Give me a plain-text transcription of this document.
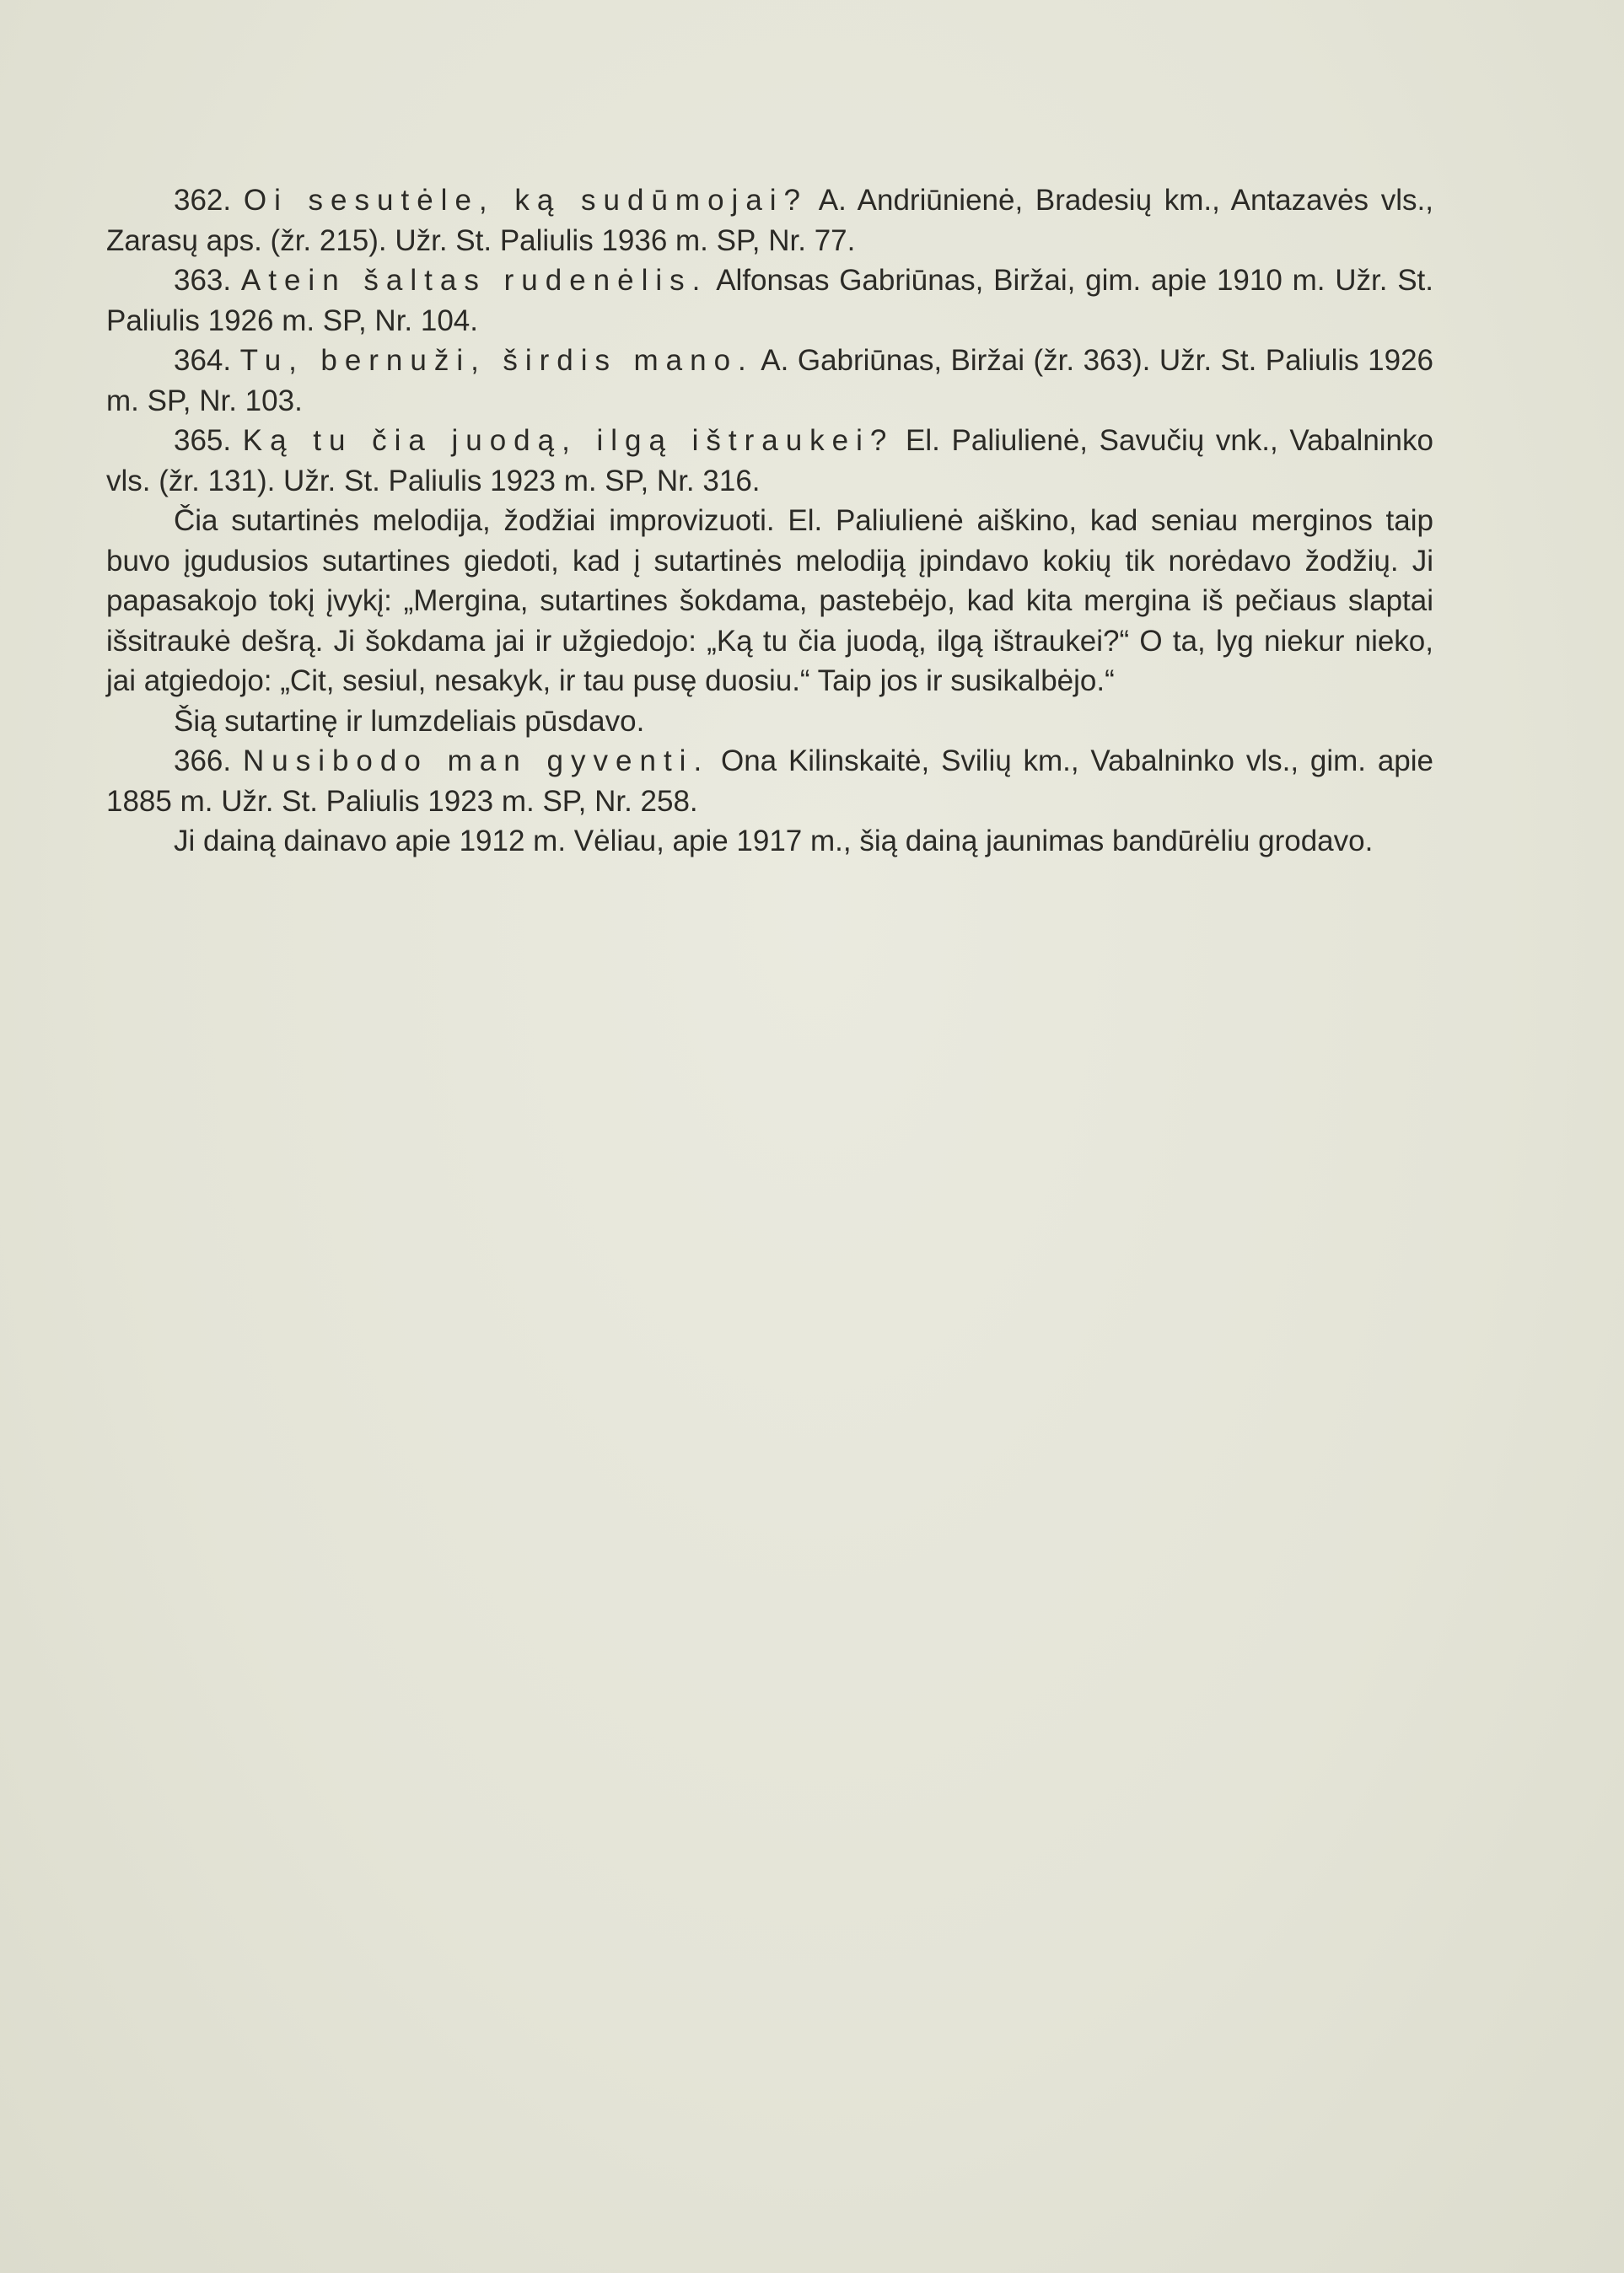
362. Oi sesutėle, ką sudūmojai? A. Andriūnienė, Bradesių km., Antazavės vls., Zarasų aps. (žr. 215). Užr. St. Paliulis 1936 m. SP, Nr. 77.

363. Atein šaltas rudenėlis. Alfonsas Gabriūnas, Biržai, gim. apie 1910 m. Užr. St. Paliulis 1926 m. SP, Nr. 104.

364. Tu, bernuži, širdis mano. A. Gabriūnas, Biržai (žr. 363). Užr. St. Paliulis 1926 m. SP, Nr. 103.

365. Ką tu čia juodą, ilgą ištraukei? El. Paliulienė, Savučių vnk., Vabalninko vls. (žr. 131). Užr. St. Paliulis 1923 m. SP, Nr. 316.

Čia sutartinės melodija, žodžiai improvizuoti. El. Paliulienė aiškino, kad seniau merginos taip buvo įgudusios sutartines giedoti, kad į sutartinės melodiją įpindavo kokių tik norėdavo žodžių. Ji papasakojo tokį įvykį: „Mergina, sutartines šokdama, pastebėjo, kad kita mergina iš pečiaus slaptai išsitraukė dešrą. Ji šokdama jai ir užgiedojo: „Ką tu čia juodą, ilgą ištraukei?“ O ta, lyg niekur nieko, jai atgiedojo: „Cit, sesiul, nesakyk, ir tau pusę duosiu.“ Taip jos ir susikalbėjo.“

Šią sutartinę ir lumzdeliais pūsdavo.

366. Nusibodo man gyventi. Ona Kilinskaitė, Svilių km., Vabalninko vls., gim. apie 1885 m. Užr. St. Paliulis 1923 m. SP, Nr. 258.

Ji dainą dainavo apie 1912 m. Vėliau, apie 1917 m., šią dainą jaunimas bandūrėliu grodavo.
